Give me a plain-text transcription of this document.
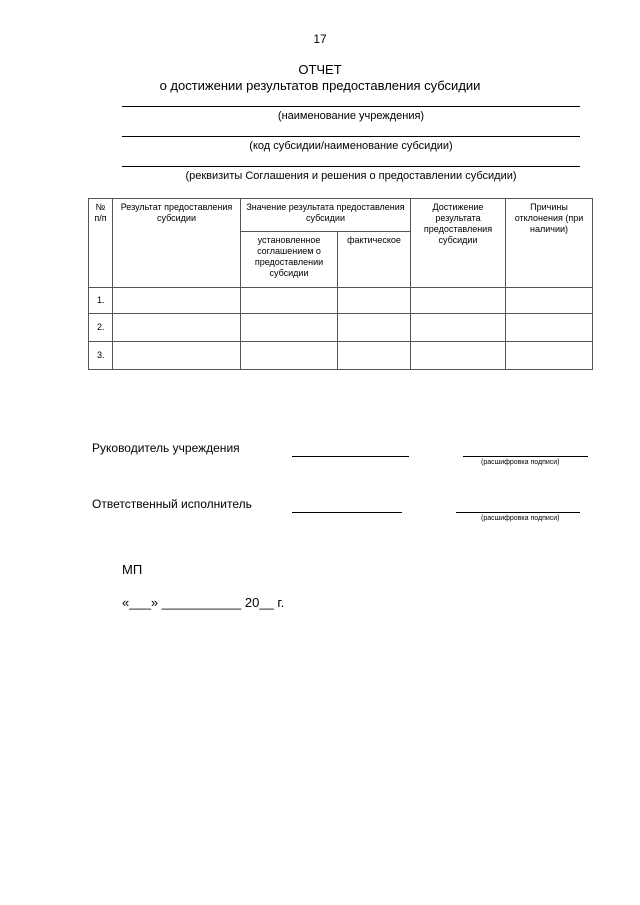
17
ОТЧЕТ
о достижении результатов предоставления субсидии
(наименование учреждения)
(код субсидии/наименование субсидии)
(реквизиты Соглашения и решения о предоставлении субсидии)
№ п/п	Результат предоставления субсидии	Значение результата предоставления субсидии		Достижение результата предоставления субсидии	Причины отклонения (при наличии)
		установленное соглашением о предоставлении субсидии	фактическое		
1.					
2.					
3.					
Руководитель учреждения
(расшифровка подписи)
Ответственный исполнитель
(расшифровка подписи)
МП
«___» ___________ 20__ г.
